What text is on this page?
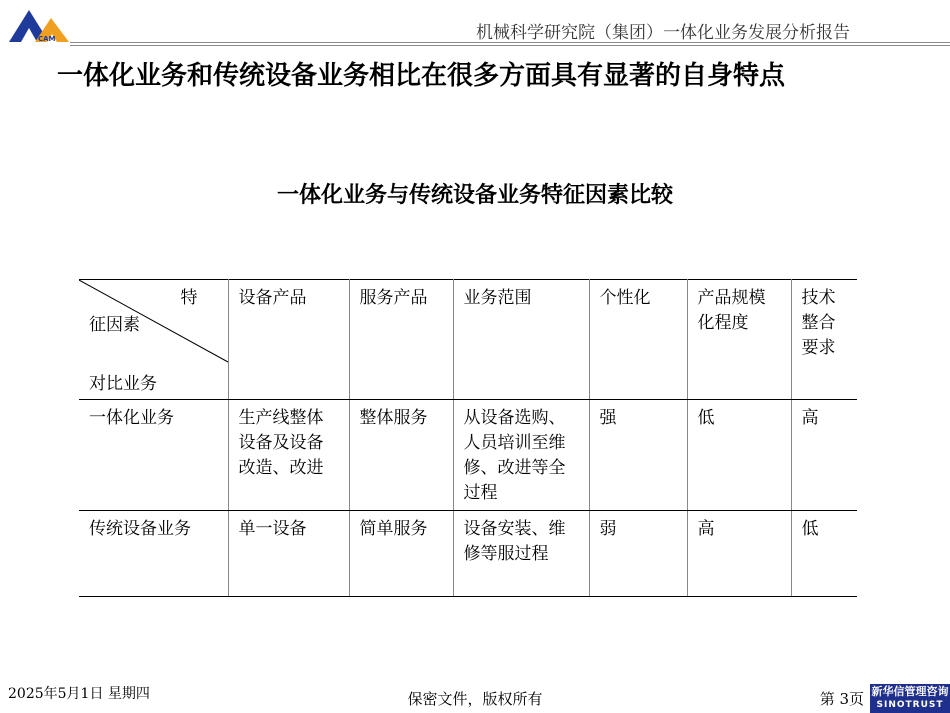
CAM	机械科学研究院（集团）一体化业务发展分析报告
一体化业务和传统设备业务相比在很多方面具有显著的自身特点
一体化业务与传统设备业务特征因素比较
特
征因素
对比业务	设备产品	服务产品	业务范围	个性化	产品规模化程度	技术整合要求
一体化业务	生产线整体设备及设备改造、改进	整体服务	从设备选购、人员培训至维修、改进等全过程	强	低	高
传统设备业务	单一设备	简单服务	设备安装、维修等服过程	弱	高	低
2025年5月1日 星期四	保密文件，版权所有	第 3页 新华信管理咨询
SINOTRUST
